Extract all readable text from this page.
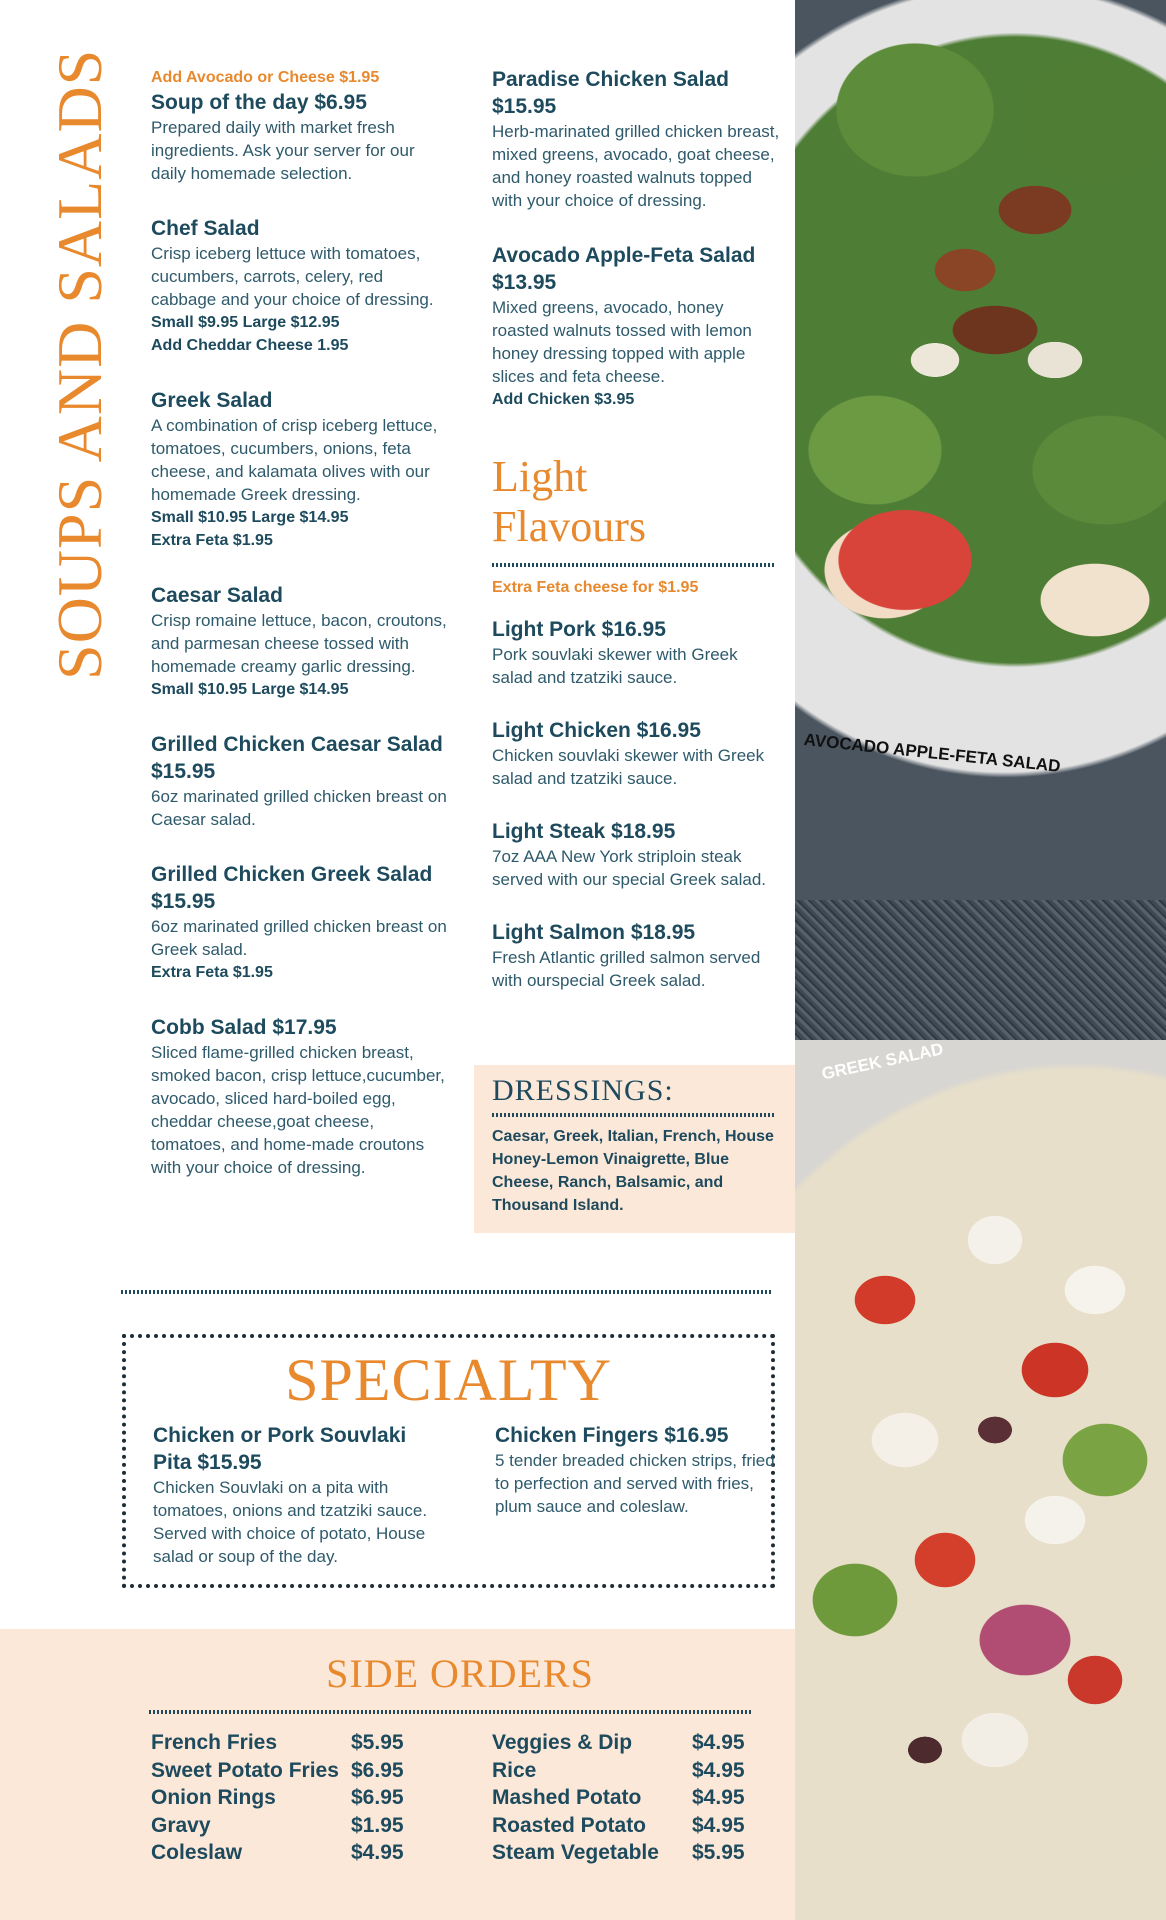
AVOCADO APPLE-FETA SALAD
GREEK SALAD
SOUPS AND SALADS Add Avocado or Cheese $1.95
Soup of the day $6.95
Prepared daily with market fresh ingredients. Ask your server for our daily homemade selection.
Chef Salad
Crisp iceberg lettuce with tomatoes, cucumbers, carrots, celery, red cabbage and your choice of dressing.
Small $9.95 Large $12.95
Add Cheddar Cheese 1.95
Greek Salad
A combination of crisp iceberg lettuce, tomatoes, cucumbers, onions, feta cheese, and kalamata olives with our homemade Greek dressing.
Small $10.95 Large $14.95
Extra Feta $1.95
Caesar Salad
Crisp romaine lettuce, bacon, croutons, and parmesan cheese tossed with homemade creamy garlic dressing.
Small $10.95 Large $14.95
Grilled Chicken Caesar Salad $15.95
6oz marinated grilled chicken breast on Caesar salad.
Grilled Chicken Greek Salad $15.95
6oz marinated grilled chicken breast on Greek salad.
Extra Feta $1.95
Cobb Salad $17.95
Sliced flame-grilled chicken breast, smoked bacon, crisp lettuce,cucumber, avocado, sliced hard-boiled egg, cheddar cheese,goat cheese, tomatoes, and home-made croutons with your choice of dressing.
Paradise Chicken Salad $15.95
Herb-marinated grilled chicken breast, mixed greens, avocado, goat cheese, and honey roasted walnuts topped with your choice of dressing.
Avocado Apple-Feta Salad $13.95
Mixed greens, avocado, honey roasted walnuts tossed with lemon honey dressing topped with apple slices and feta cheese.
Add Chicken $3.95
Light
Flavours
Extra Feta cheese for $1.95
Light Pork $16.95
Pork souvlaki skewer with Greek salad and tzatziki sauce.
Light Chicken $16.95
Chicken souvlaki skewer with Greek salad and tzatziki sauce.
Light Steak $18.95
7oz AAA New York striploin steak served with our special Greek salad.
Light Salmon $18.95
Fresh Atlantic grilled salmon served with ourspecial Greek salad.
DRESSINGS:
Caesar, Greek, Italian, French, House Honey-Lemon Vinaigrette, Blue Cheese, Ranch, Balsamic, and Thousand Island.
SPECIALTY
Chicken or Pork Souvlaki Pita $15.95
Chicken Souvlaki on a pita with tomatoes, onions and tzatziki sauce. Served with choice of potato, House salad or soup of the day.
Chicken Fingers $16.95
5 tender breaded chicken strips, fried to perfection and served with fries, plum sauce and coleslaw.
SIDE ORDERS
French Fries	$5.95
Sweet Potato Fries $6.95
Onion Rings	$6.95
Gravy	$1.95
Coleslaw	$4.95
Veggies & Dip	$4.95
Rice	$4.95
Mashed Potato $4.95
Roasted Potato $4.95
Steam Vegetable $5.95
